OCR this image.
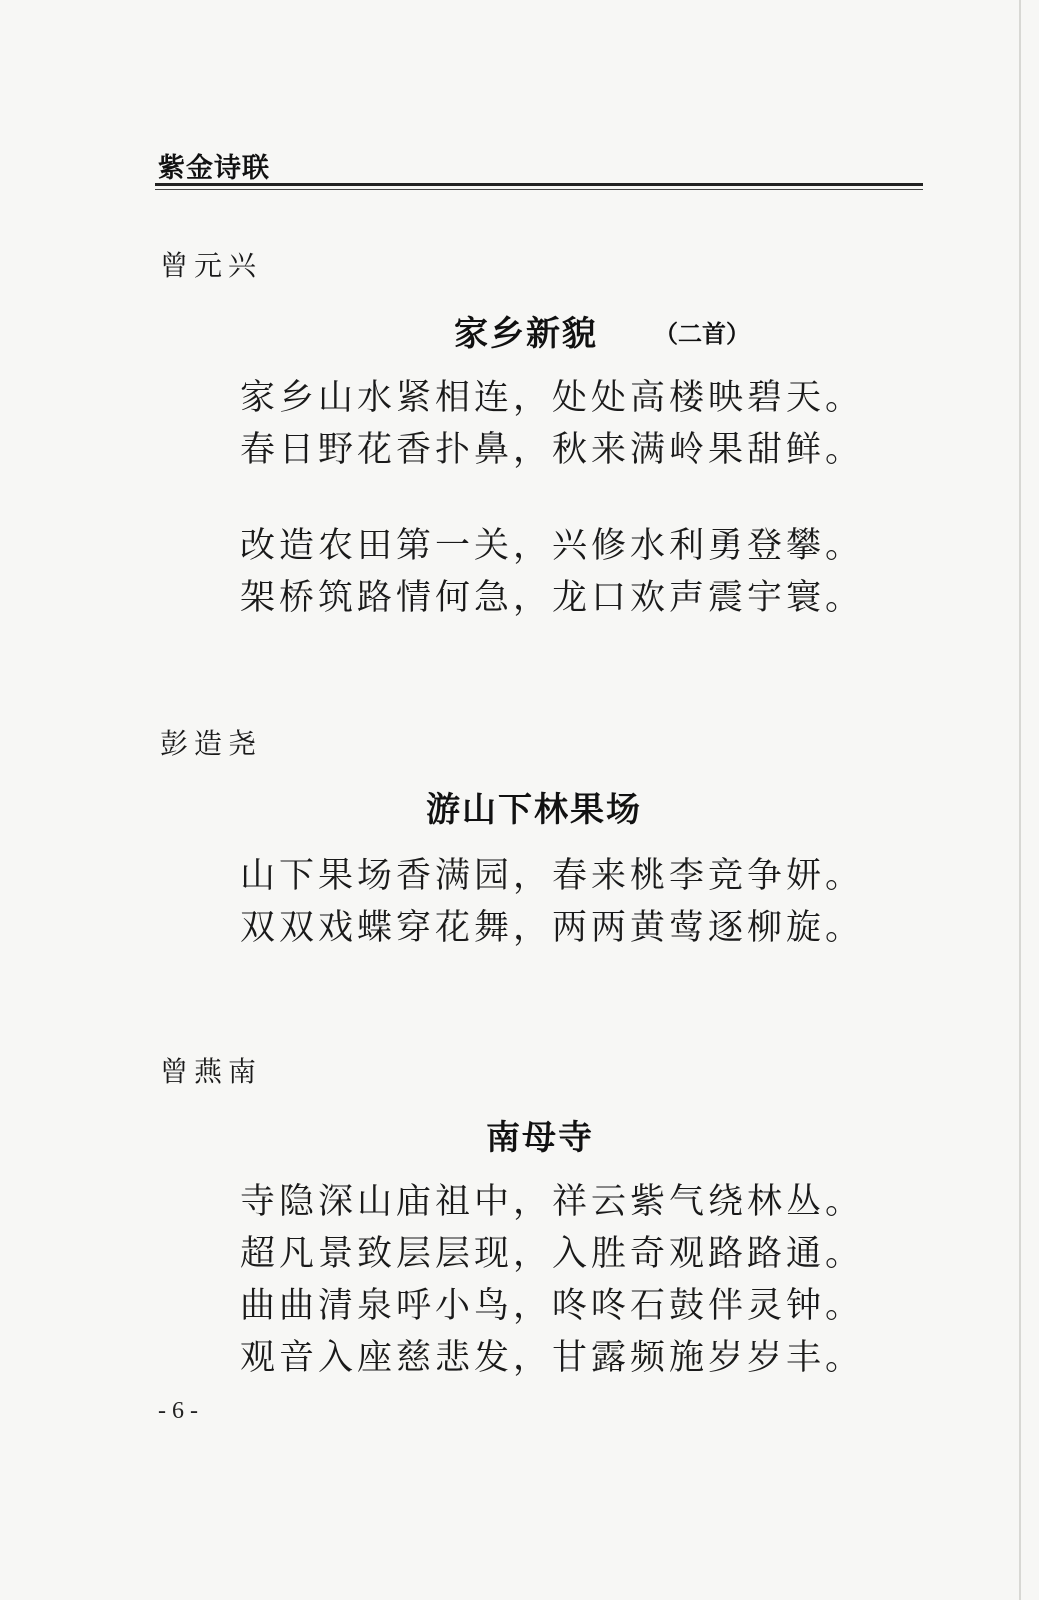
紫金诗联
曾元兴
家乡新貌 （二首）
家乡山水紧相连，处处高楼映碧天。
春日野花香扑鼻，秋来满岭果甜鲜。
改造农田第一关，兴修水利勇登攀。
架桥筑路情何急，龙口欢声震宇寰。
彭造尧
游山下林果场
山下果场香满园，春来桃李竞争妍。
双双戏蝶穿花舞，两两黄莺逐柳旋。
曾燕南
南母寺
寺隐深山庙祖中，祥云紫气绕林丛。
超凡景致层层现，入胜奇观路路通。
曲曲清泉呼小鸟，咚咚石鼓伴灵钟。
观音入座慈悲发，甘露频施岁岁丰。
- 6 -
